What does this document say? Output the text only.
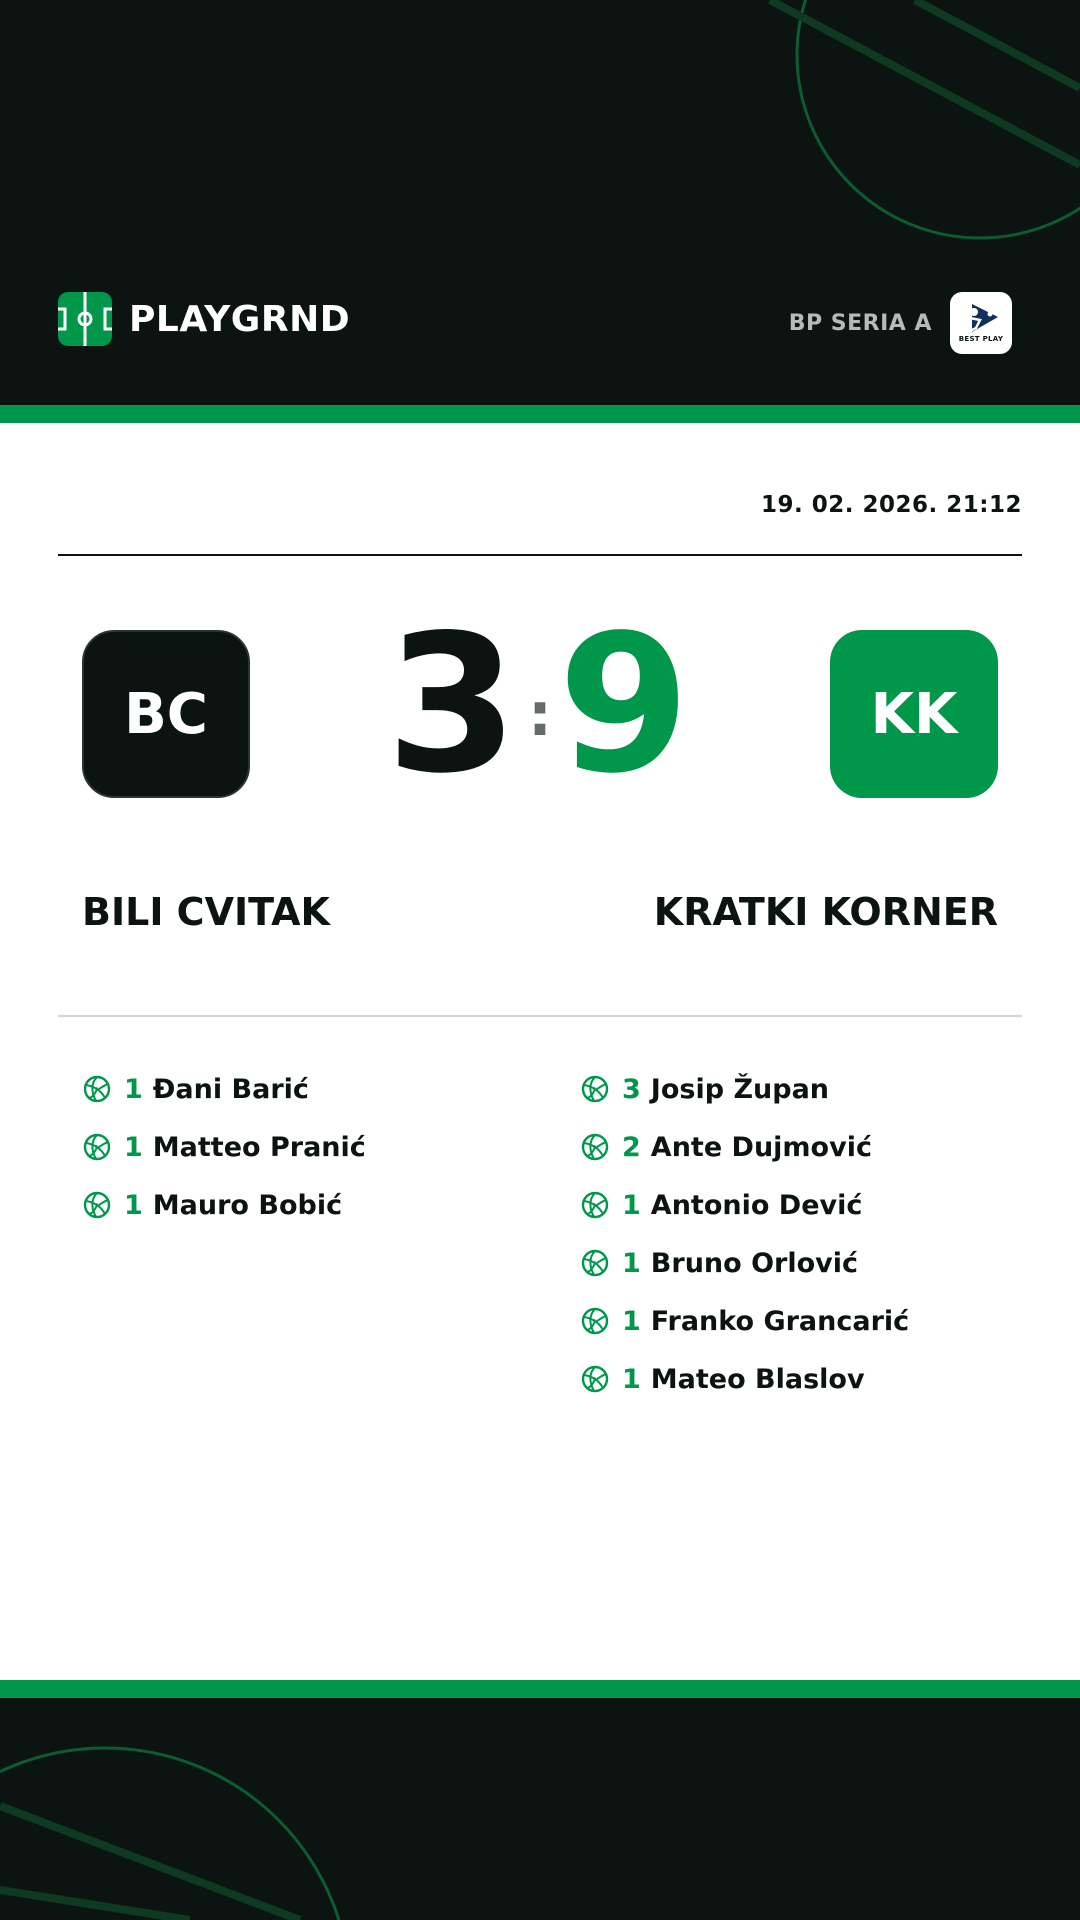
PLAYGRND	BP SERIA A
BEST PLAY
19. 02. 2026. 21:12
BC 3 : 9	KK
BILI CVITAK	KRATKI KORNER
1 Đani Barić
1 Matteo Pranić
1 Mauro Bobić
3 Josip Župan
2 Ante Dujmović
1 Antonio Dević
1 Bruno Orlović
1 Franko Grancarić
1 Mateo Blaslov
